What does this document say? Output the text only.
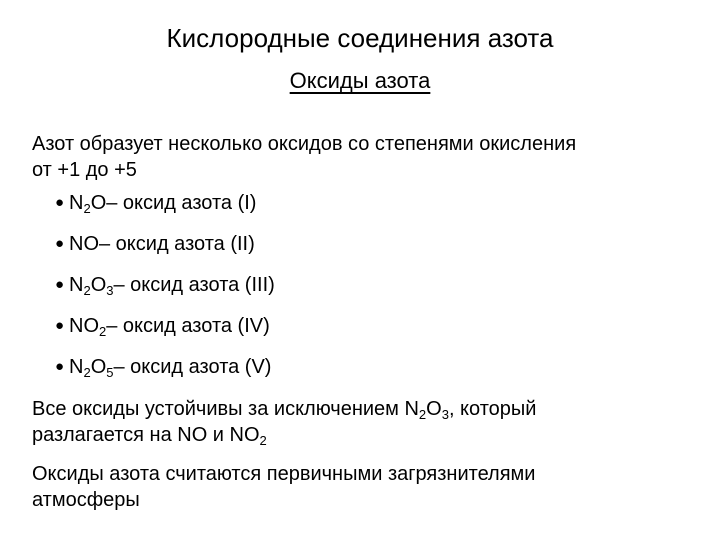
Кислородные соединения азота
Оксиды азота
Азот образует несколько оксидов со степенями окисления
от +1 до +5
● $N_2O$ – оксид азота (I)
● NO – оксид азота (II)
● $N_2O_3$ – оксид азота (III)
● $NO_2$ – оксид азота (IV)
● $N_2O_5$ – оксид азота (V)
Все оксиды устойчивы за исключением $N_2O_3$, который
разлагается на NO и $NO_2$
Оксиды азота считаются первичными загрязнителями
атмосферы
